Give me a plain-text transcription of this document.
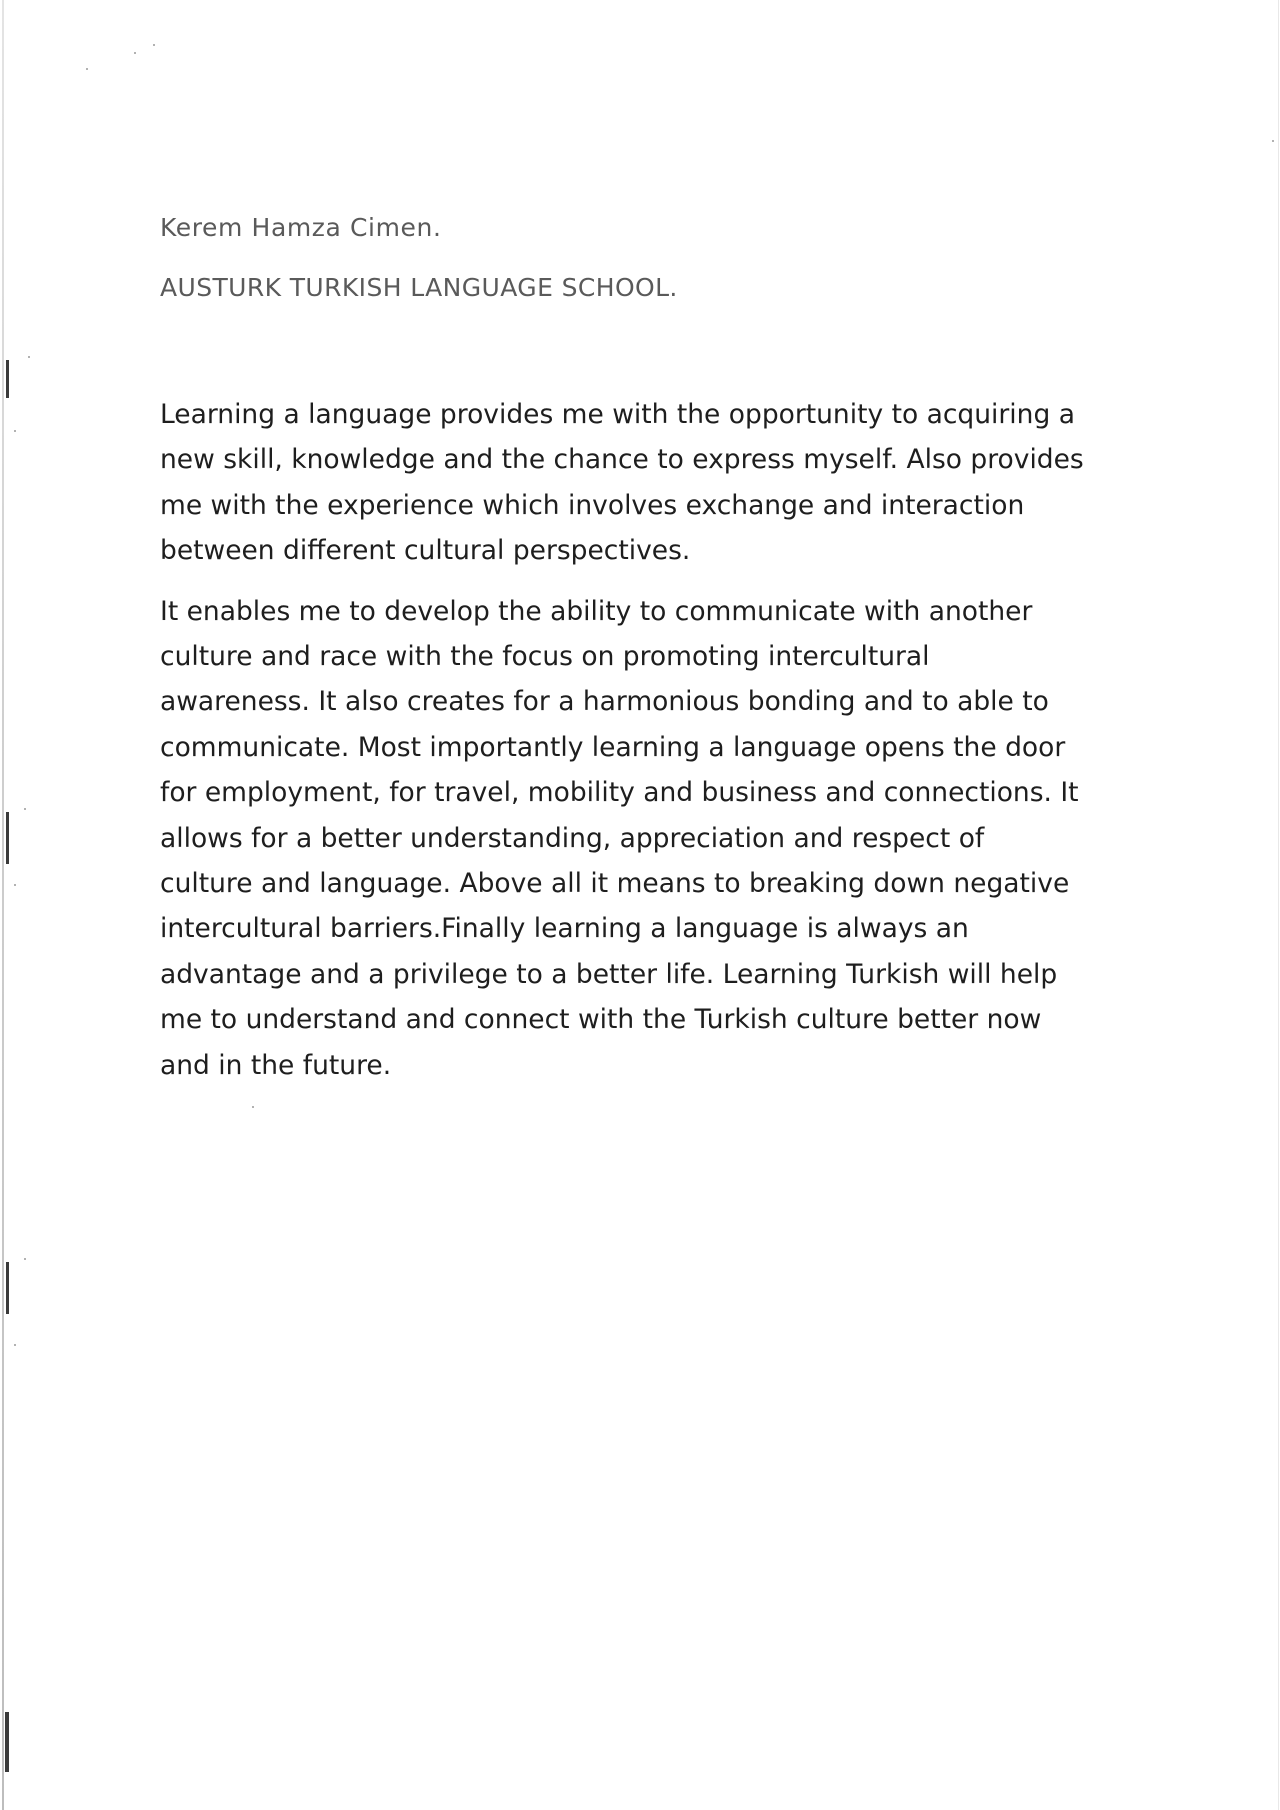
Kerem Hamza Cimen.

AUSTURK TURKISH LANGUAGE SCHOOL.

Learning a language provides me with the opportunity to acquiring a
new skill, knowledge and the chance to express myself. Also provides
me with the experience which involves exchange and interaction
between different cultural perspectives.

It enables me to develop the ability to communicate with another
culture and race with the focus on promoting intercultural
awareness. It also creates for a harmonious bonding and to able to
communicate. Most importantly learning a language opens the door
for employment, for travel, mobility and business and connections. It
allows for a better understanding, appreciation and respect of
culture and language. Above all it means to breaking down negative
intercultural barriers.Finally learning a language is always an
advantage and a privilege to a better life. Learning Turkish will help
me to understand and connect with the Turkish culture better now
and in the future.
